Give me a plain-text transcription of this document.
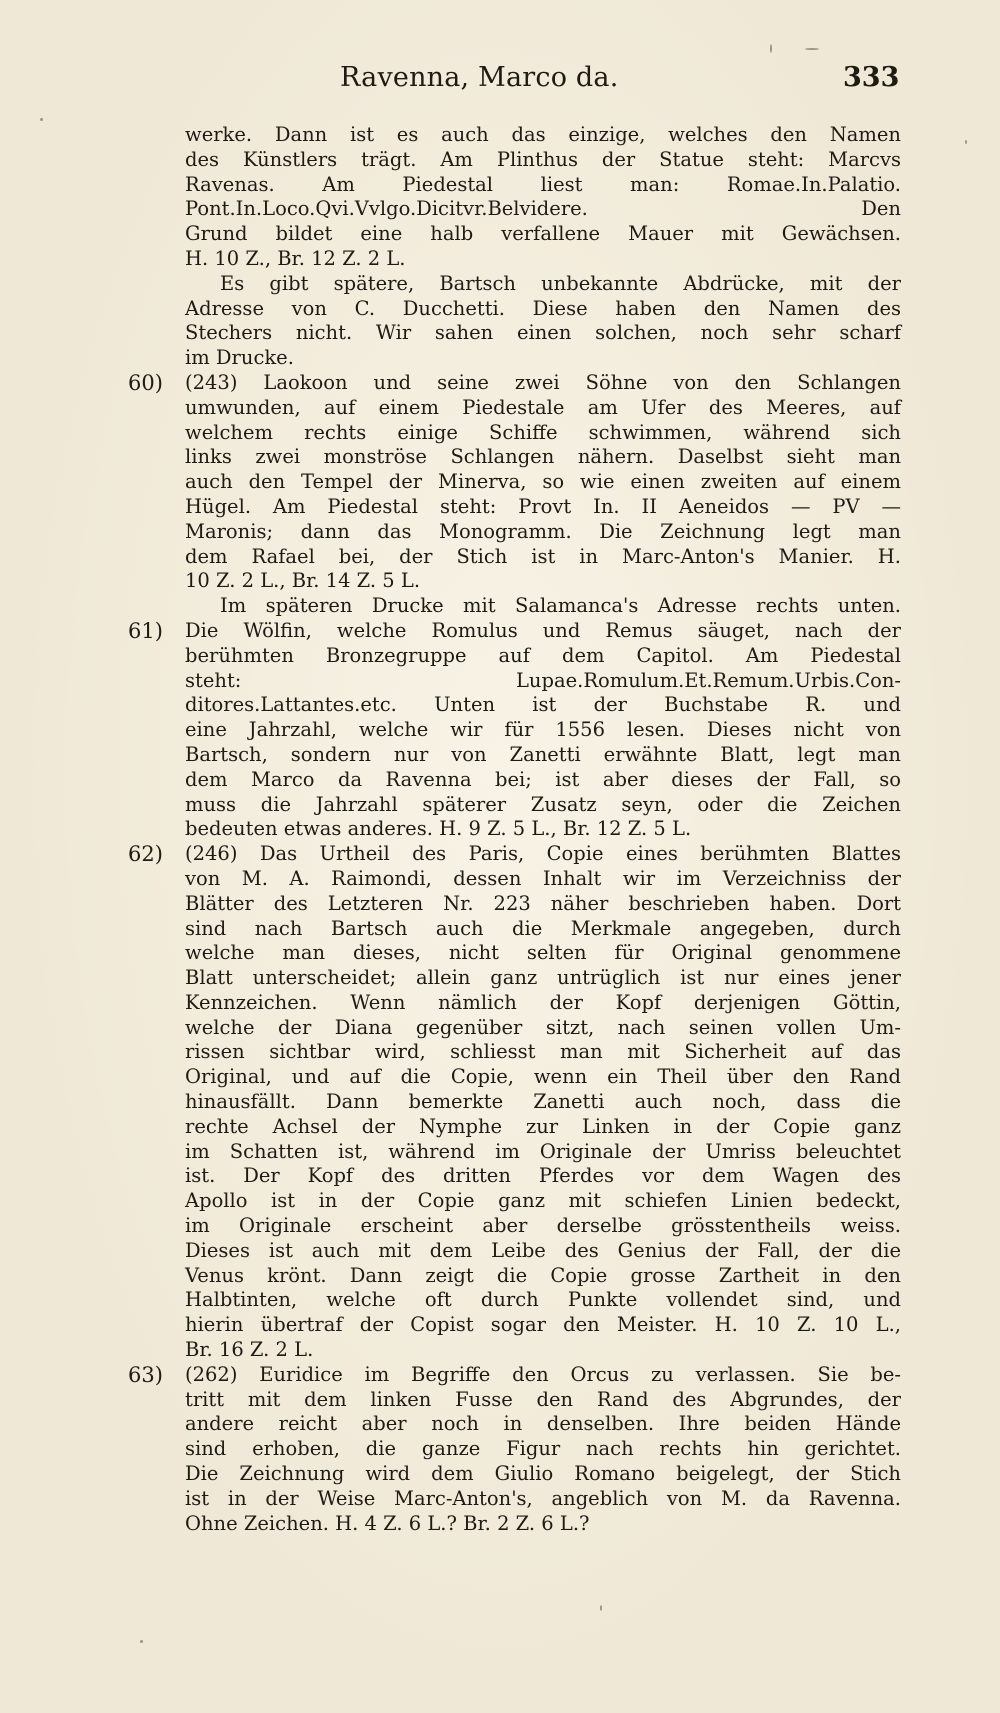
Ravenna, Marco da.	333
werke. Dann ist es auch das einzige, welches den Namen
des Künstlers trägt. Am Plinthus der Statue steht: Marcvs
Ravenas. Am Piedestal liest man: Romae.In.Palatio.
Pont.In.Loco.Qvi.Vvlgo.Dicitvr.Belvidere. Den
Grund bildet eine halb verfallene Mauer mit Gewächsen.
H. 10 Z., Br. 12 Z. 2 L.
Es gibt spätere, Bartsch unbekannte Abdrücke, mit der
Adresse von C. Ducchetti. Diese haben den Namen des
Stechers nicht. Wir sahen einen solchen, noch sehr scharf
im Drucke.
60) (243) Laokoon und seine zwei Söhne von den Schlangen
umwunden, auf einem Piedestale am Ufer des Meeres, auf
welchem rechts einige Schiffe schwimmen, während sich
links zwei monströse Schlangen nähern. Daselbst sieht man
auch den Tempel der Minerva, so wie einen zweiten auf einem
Hügel. Am Piedestal steht: Provt In. II Aeneidos — PV —
Maronis; dann das Monogramm. Die Zeichnung legt man
dem Rafael bei, der Stich ist in Marc-Anton's Manier. H.
10 Z. 2 L., Br. 14 Z. 5 L.
Im späteren Drucke mit Salamanca's Adresse rechts unten.
61) Die Wölfin, welche Romulus und Remus säuget, nach der
berühmten Bronzegruppe auf dem Capitol. Am Piedestal
steht: Lupae.Romulum.Et.Remum.Urbis.Con-
ditores.Lattantes.etc. Unten ist der Buchstabe R. und
eine Jahrzahl, welche wir für 1556 lesen. Dieses nicht von
Bartsch, sondern nur von Zanetti erwähnte Blatt, legt man
dem Marco da Ravenna bei; ist aber dieses der Fall, so
muss die Jahrzahl späterer Zusatz seyn, oder die Zeichen
bedeuten etwas anderes. H. 9 Z. 5 L., Br. 12 Z. 5 L.
62) (246) Das Urtheil des Paris, Copie eines berühmten Blattes
von M. A. Raimondi, dessen Inhalt wir im Verzeichniss der
Blätter des Letzteren Nr. 223 näher beschrieben haben. Dort
sind nach Bartsch auch die Merkmale angegeben, durch
welche man dieses, nicht selten für Original genommene
Blatt unterscheidet; allein ganz untrüglich ist nur eines jener
Kennzeichen. Wenn nämlich der Kopf derjenigen Göttin,
welche der Diana gegenüber sitzt, nach seinen vollen Um-
rissen sichtbar wird, schliesst man mit Sicherheit auf das
Original, und auf die Copie, wenn ein Theil über den Rand
hinausfällt. Dann bemerkte Zanetti auch noch, dass die
rechte Achsel der Nymphe zur Linken in der Copie ganz
im Schatten ist, während im Originale der Umriss beleuchtet
ist. Der Kopf des dritten Pferdes vor dem Wagen des
Apollo ist in der Copie ganz mit schiefen Linien bedeckt,
im Originale erscheint aber derselbe grösstentheils weiss.
Dieses ist auch mit dem Leibe des Genius der Fall, der die
Venus krönt. Dann zeigt die Copie grosse Zartheit in den
Halbtinten, welche oft durch Punkte vollendet sind, und
hierin übertraf der Copist sogar den Meister. H. 10 Z. 10 L.,
Br. 16 Z. 2 L.
63) (262) Euridice im Begriffe den Orcus zu verlassen. Sie be-
tritt mit dem linken Fusse den Rand des Abgrundes, der
andere reicht aber noch in denselben. Ihre beiden Hände
sind erhoben, die ganze Figur nach rechts hin gerichtet.
Die Zeichnung wird dem Giulio Romano beigelegt, der Stich
ist in der Weise Marc-Anton's, angeblich von M. da Ravenna.
Ohne Zeichen. H. 4 Z. 6 L.? Br. 2 Z. 6 L.?
